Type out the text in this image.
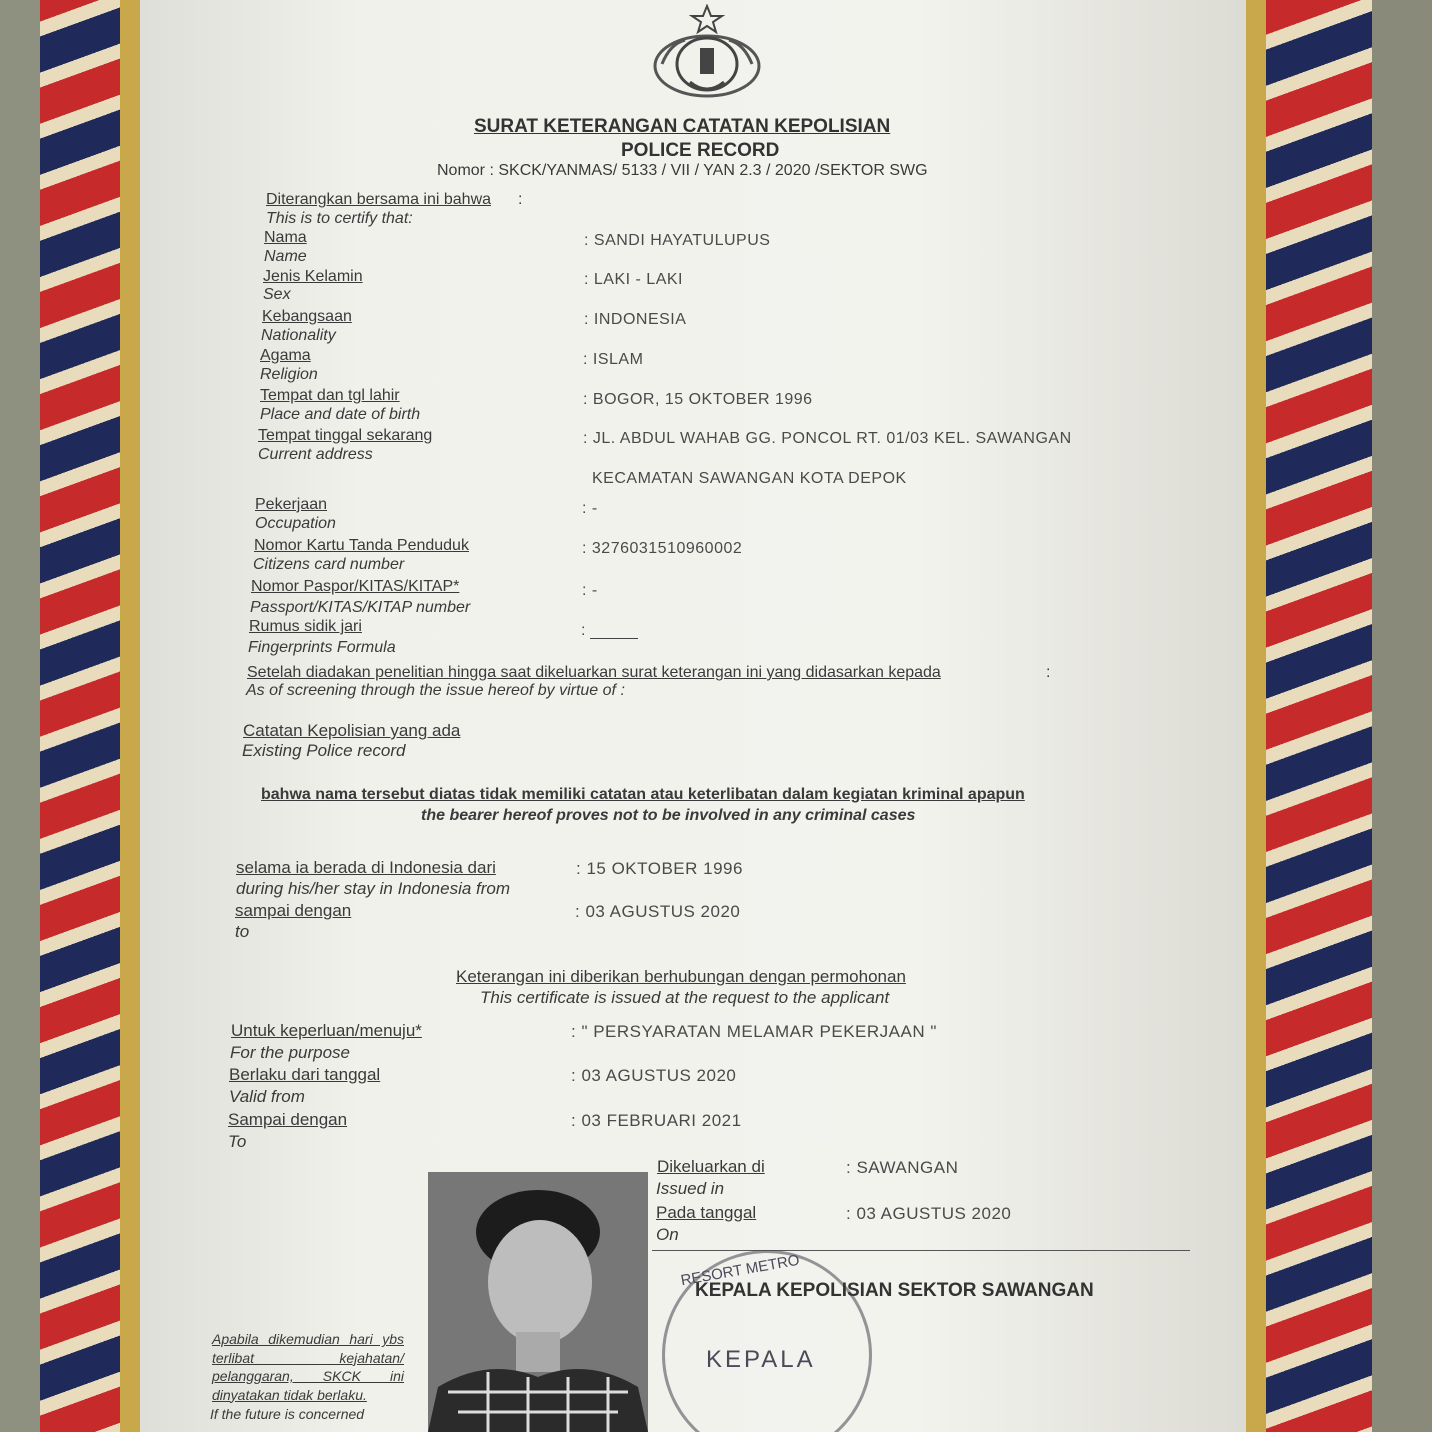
SURAT KETERANGAN CATATAN KEPOLISIAN
POLICE RECORD
Nomor : SKCK/YANMAS/ 5133 / VII / YAN 2.3 / 2020 /SEKTOR SWG
Diterangkan bersama ini bahwa :
This is to certify that:
Nama
Name
: SANDI HAYATULUPUS
Jenis Kelamin
Sex
: LAKI - LAKI
Kebangsaan
Nationality
: INDONESIA
Agama
Religion
: ISLAM
Tempat dan tgl lahir
Place and date of birth
: BOGOR, 15 OKTOBER 1996
Tempat tinggal sekarang
Current address
: JL. ABDUL WAHAB GG. PONCOL RT. 01/03 KEL. SAWANGAN
KECAMATAN SAWANGAN KOTA DEPOK
Pekerjaan
Occupation
: -
Nomor Kartu Tanda Penduduk
Citizens card number
: 3276031510960002
Nomor Paspor/KITAS/KITAP*
Passport/KITAS/KITAP number
: -
Rumus sidik jari
Fingerprints Formula
:
Setelah diadakan penelitian hingga saat dikeluarkan surat keterangan ini yang didasarkan kepada	:
As of screening through the issue hereof by virtue of :
Catatan Kepolisian yang ada
Existing Police record
bahwa nama tersebut diatas tidak memiliki catatan atau keterlibatan dalam kegiatan kriminal apapun
the bearer hereof proves not to be involved in any criminal cases
selama ia berada di Indonesia dari
during his/her stay in Indonesia from
: 15 OKTOBER 1996
sampai dengan
to
: 03 AGUSTUS 2020
Keterangan ini diberikan berhubungan dengan permohonan
This certificate is issued at the request to the applicant
Untuk keperluan/menuju*
For the purpose
: " PERSYARATAN MELAMAR PEKERJAAN "
Berlaku dari tanggal
Valid from
: 03 AGUSTUS 2020
Sampai dengan
To
: 03 FEBRUARI 2021
Dikeluarkan di
Issued in
: SAWANGAN
Pada tanggal
On
: 03 AGUSTUS 2020
RESORT METRO
KEPALA
KEPALA KEPOLISIAN SEKTOR SAWANGAN
Apabila dikemudian hari ybs terlibat kejahatan/ pelanggaran, SKCK ini dinyatakan tidak berlaku.
If the future is concerned
